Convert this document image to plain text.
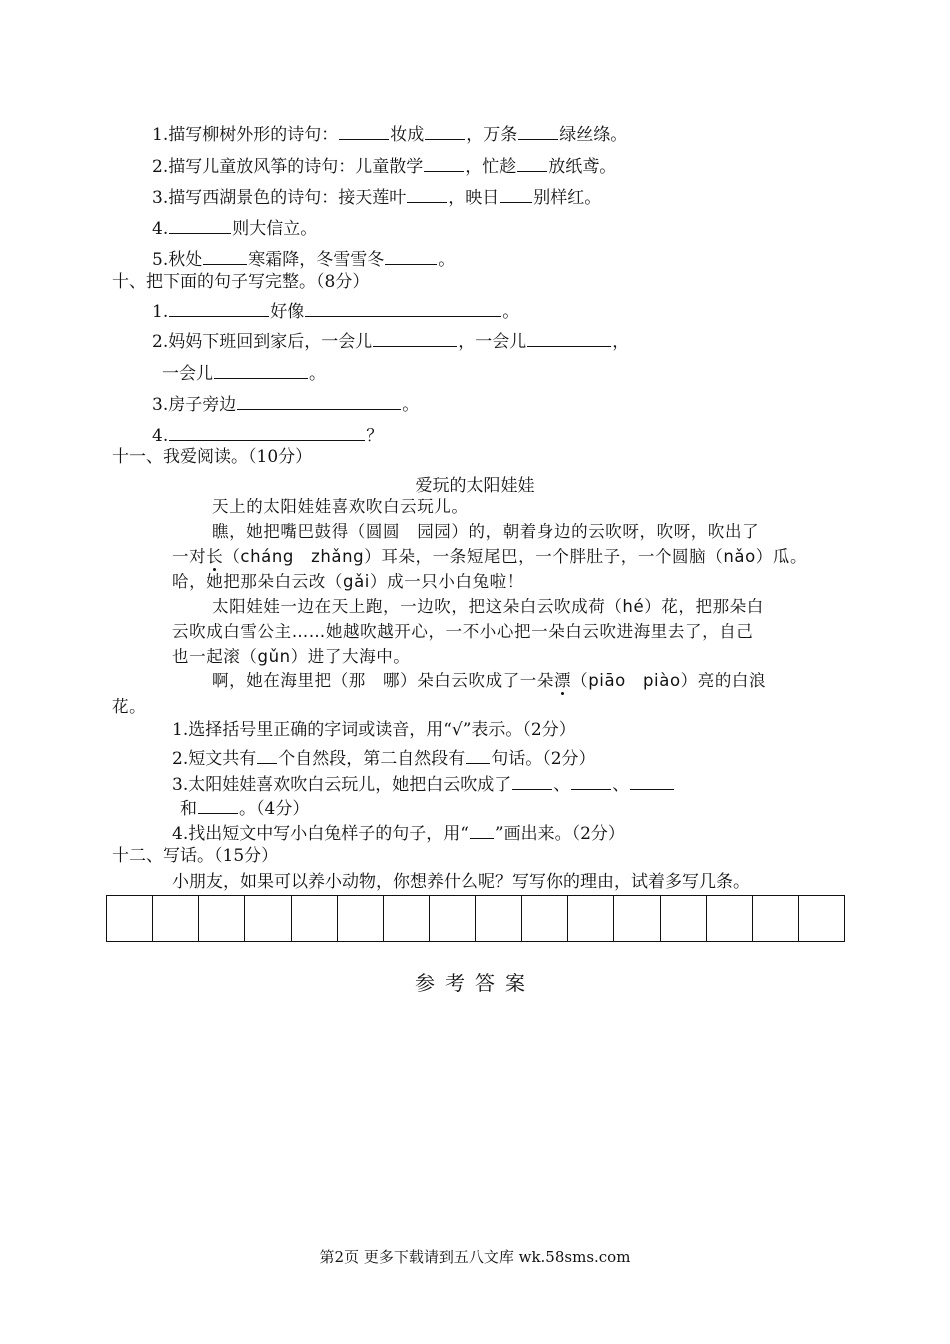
1.描写柳树外形的诗句：	妆成 ，万条 绿丝绦。
2.描写儿童放风筝的诗句：儿童散学 ，忙趁 放纸鸢。
3.描写西湖景色的诗句：接天莲叶 ，映日 别样红。
4.	则大信立。
5.秋处	寒霜降，冬雪雪冬	。
十、把下面的句子写完整。（8分）
1.	好像	。
2.妈妈下班回到家后，一会儿	，一会儿	，
一会儿	。
3.房子旁边	。
4.	？
十一、我爱阅读。（10分）
爱玩的太阳娃娃
天上的太阳娃娃喜欢吹白云玩儿。
瞧，她把嘴巴鼓得（圆圆　园园）的，朝着身边的云吹呀，吹呀，吹出了
一对长（cháng　zhǎng）耳朵，一条短尾巴，一个胖肚子，一个圆脑（nǎo）瓜。
哈，她把那朵白云改（gǎi）成一只小白兔啦！
太阳娃娃一边在天上跑，一边吹，把这朵白云吹成荷（hé）花，把那朵白
云吹成白雪公主……她越吹越开心，一不小心把一朵白云吹进海里去了，自己
也一起滚（gǔn）进了大海中。
啊，她在海里把（那　哪）朵白云吹成了一朵漂（piāo　piào）亮的白浪
花。
1.选择括号里正确的字词或读音，用“√”表示。（2分）
2.短文共有 个自然段，第二自然段有 句话。（2分）
3.太阳娃娃喜欢吹白云玩儿，她把白云吹成了 、 、
和 。（4分）
4.找出短文中写小白兔样子的句子，用“ ”画出来。（2分）
十二、写话。（15分）
小朋友，如果可以养小动物，你想养什么呢？写写你的理由，试着多写几条。
参考答案
第2页 更多下载请到五八文库 wk.58sms.com
